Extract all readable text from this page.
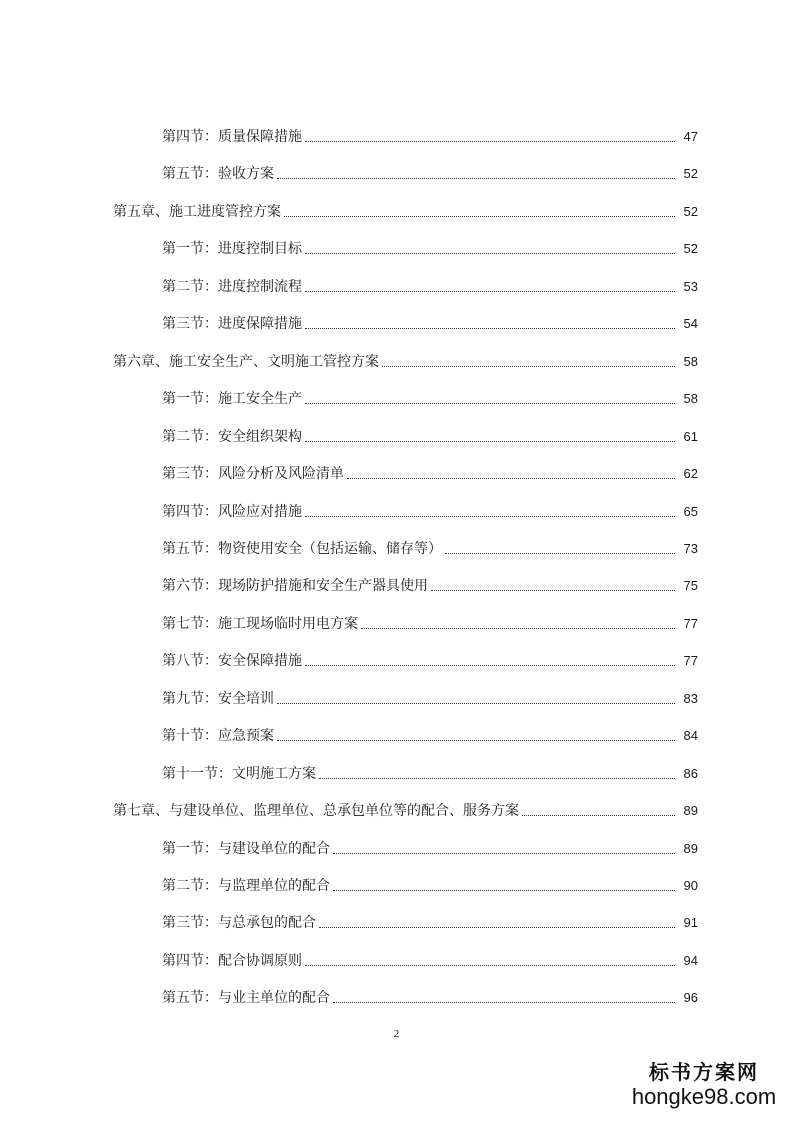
第四节：质量保障措施	47
第五节：验收方案	52
第五章、施工进度管控方案	52
第一节：进度控制目标	52
第二节：进度控制流程	53
第三节：进度保障措施	54
第六章、施工安全生产、文明施工管控方案	58
第一节：施工安全生产	58
第二节：安全组织架构	61
第三节：风险分析及风险清单	62
第四节：风险应对措施	65
第五节：物资使用安全（包括运输、储存等）	73
第六节：现场防护措施和安全生产器具使用	75
第七节：施工现场临时用电方案	77
第八节：安全保障措施	77
第九节：安全培训	83
第十节：应急预案	84
第十一节：文明施工方案	86
第七章、与建设单位、监理单位、总承包单位等的配合、服务方案	89
第一节：与建设单位的配合	89
第二节：与监理单位的配合	90
第三节：与总承包的配合	91
第四节：配合协调原则	94
第五节：与业主单位的配合	96
2
标书方案网
hongke98.com
